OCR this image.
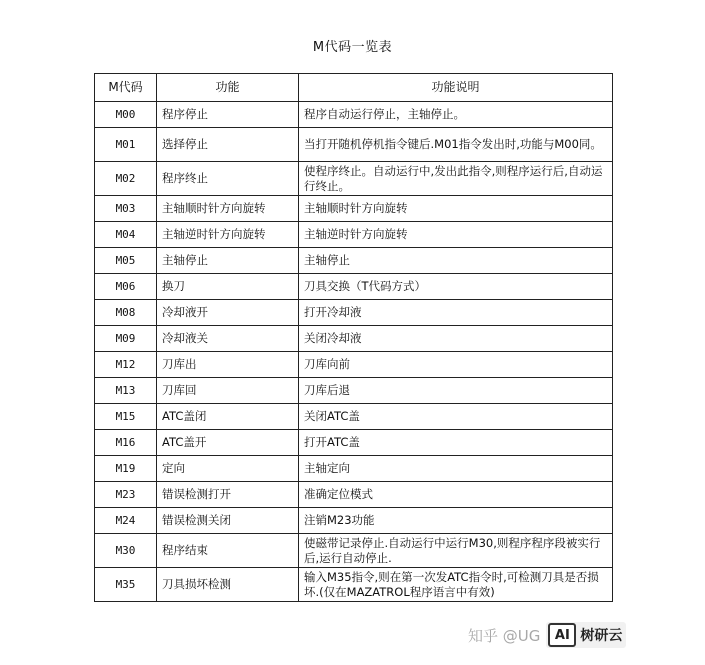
M代码一览表
M代码	功能	功能说明
M00	程序停止	程序自动运行停止，主轴停止。
M01	选择停止	当打开随机停机指令键后.M01指令发出时,功能与M00同。
M02	程序终止	使程序终止。自动运行中,发出此指令,则程序运行后,自动运行终止。
M03	主轴顺时针方向旋转	主轴顺时针方向旋转
M04	主轴逆时针方向旋转	主轴逆时针方向旋转
M05	主轴停止	主轴停止
M06	换刀	刀具交换（T代码方式）
M08	冷却液开	打开冷却液
M09	冷却液关	关闭冷却液
M12	刀库出	刀库向前
M13	刀库回	刀库后退
M15	ATC盖闭	关闭ATC盖
M16	ATC盖开	打开ATC盖
M19	定向	主轴定向
M23	错误检测打开	准确定位模式
M24	错误检测关闭	注销M23功能
M30	程序结束	使磁带记录停止.自动运行中运行M30,则程序程序段被实行后,运行自动停止.
M35	刀具损坏检测	输入M35指令,则在第一次发ATC指令时,可检测刀具是否损坏.(仅在MAZATROL程序语言中有效)
知乎 @UG	AI 树研云
